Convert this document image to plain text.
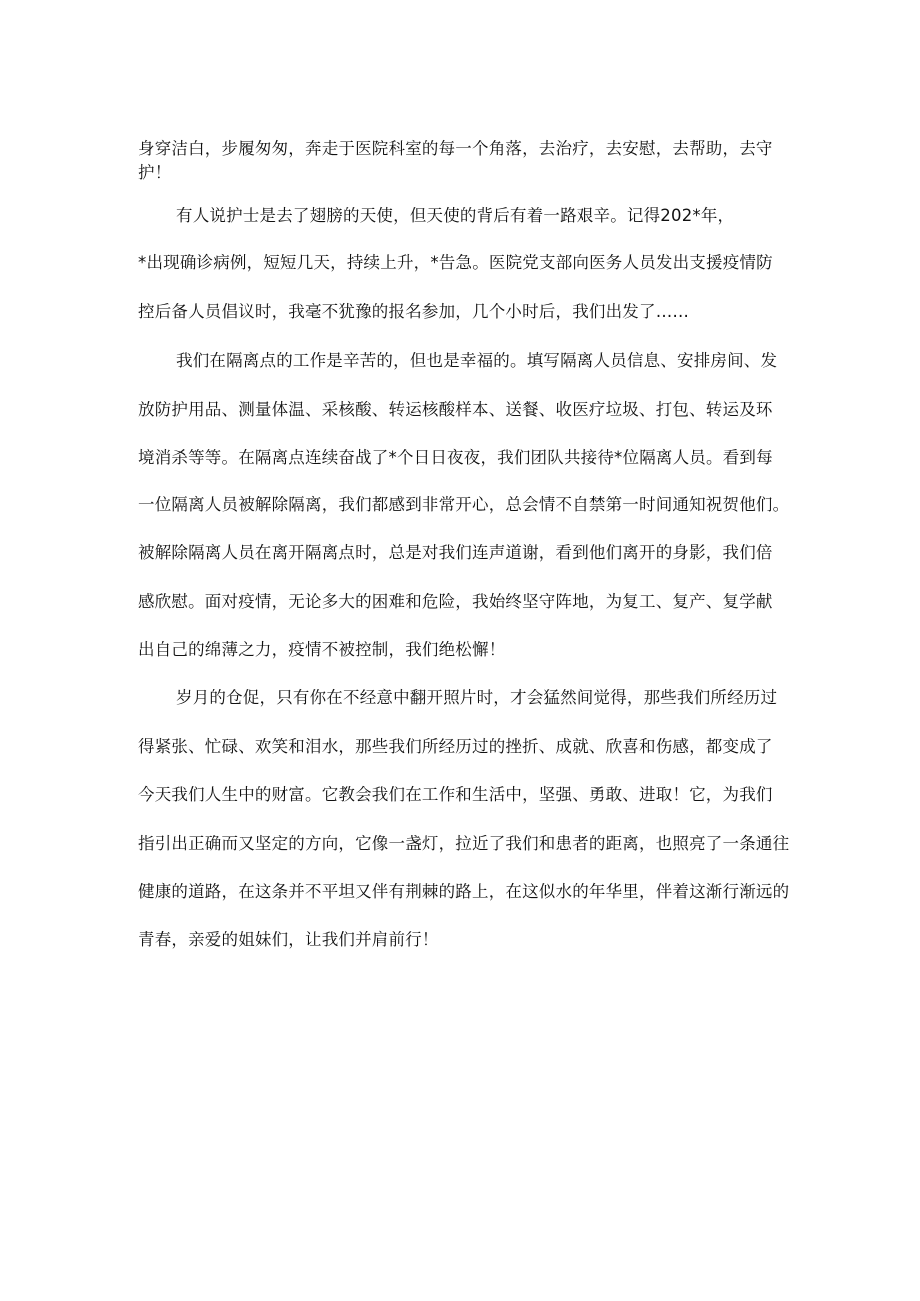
身穿洁白，步履匆匆，奔走于医院科室的每一个角落，去治疗，去安慰，去帮助，去守
护！
有人说护士是去了翅膀的天使，但天使的背后有着一路艰辛。记得202*年，
*出现确诊病例，短短几天，持续上升，*告急。医院党支部向医务人员发出支援疫情防
控后备人员倡议时，我毫不犹豫的报名参加，几个小时后，我们出发了……
我们在隔离点的工作是辛苦的，但也是幸福的。填写隔离人员信息、安排房间、发
放防护用品、测量体温、采核酸、转运核酸样本、送餐、收医疗垃圾、打包、转运及环
境消杀等等。在隔离点连续奋战了*个日日夜夜，我们团队共接待*位隔离人员。看到每
一位隔离人员被解除隔离，我们都感到非常开心，总会情不自禁第一时间通知祝贺他们。
被解除隔离人员在离开隔离点时，总是对我们连声道谢，看到他们离开的身影，我们倍
感欣慰。面对疫情，无论多大的困难和危险，我始终坚守阵地，为复工、复产、复学献
出自己的绵薄之力，疫情不被控制，我们绝松懈！
岁月的仓促，只有你在不经意中翻开照片时，才会猛然间觉得，那些我们所经历过
得紧张、忙碌、欢笑和泪水，那些我们所经历过的挫折、成就、欣喜和伤感，都变成了
今天我们人生中的财富。它教会我们在工作和生活中，坚强、勇敢、进取！它，为我们
指引出正确而又坚定的方向，它像一盏灯，拉近了我们和患者的距离，也照亮了一条通往
健康的道路，在这条并不平坦又伴有荆棘的路上，在这似水的年华里，伴着这渐行渐远的
青春，亲爱的姐妹们，让我们并肩前行！
